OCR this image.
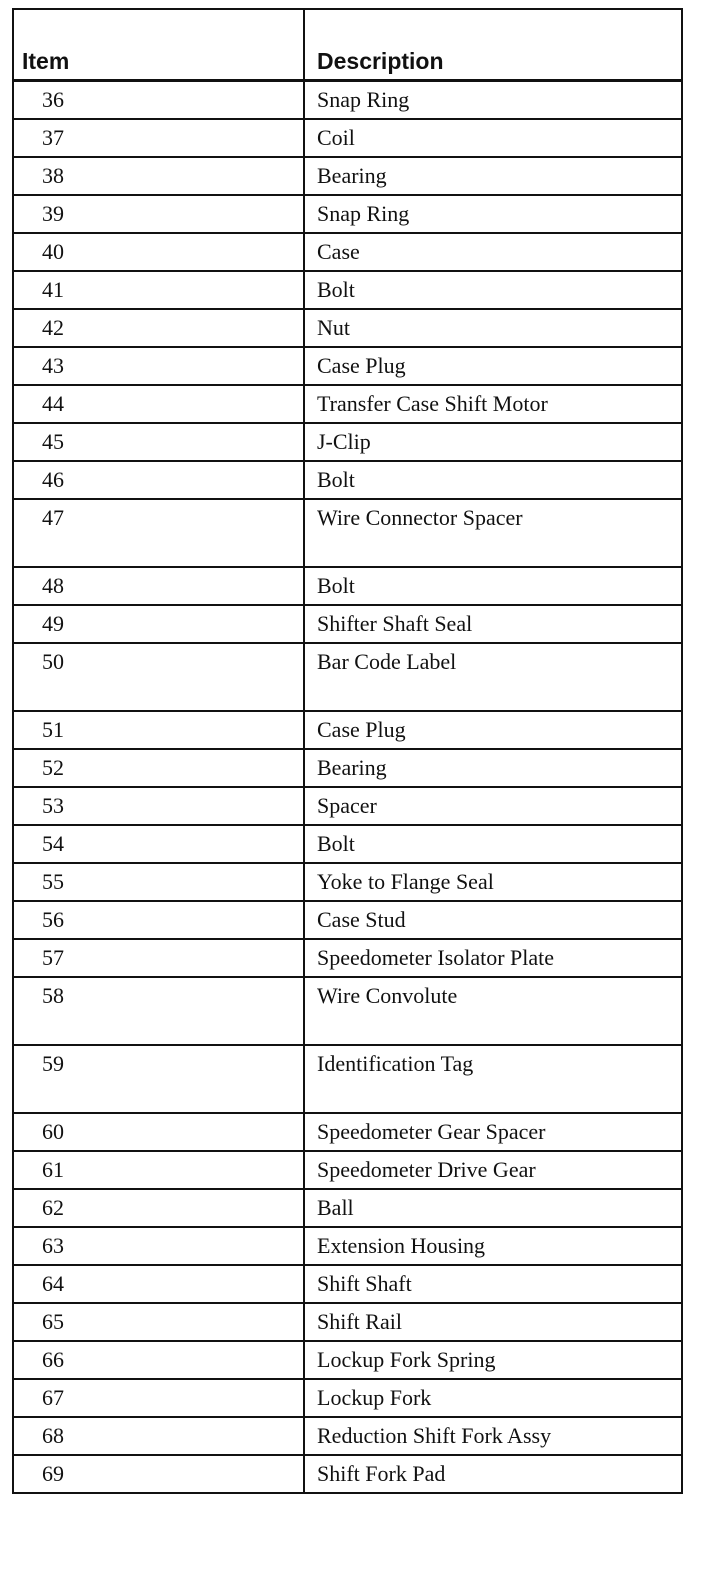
Item	Description
36	Snap Ring
37	Coil
38	Bearing
39	Snap Ring
40	Case
41	Bolt
42	Nut
43	Case Plug
44	Transfer Case Shift Motor
45	J-Clip
46	Bolt
47	Wire Connector Spacer
48	Bolt
49	Shifter Shaft Seal
50	Bar Code Label
51	Case Plug
52	Bearing
53	Spacer
54	Bolt
55	Yoke to Flange Seal
56	Case Stud
57	Speedometer Isolator Plate
58	Wire Convolute
59	Identification Tag
60	Speedometer Gear Spacer
61	Speedometer Drive Gear
62	Ball
63	Extension Housing
64	Shift Shaft
65	Shift Rail
66	Lockup Fork Spring
67	Lockup Fork
68	Reduction Shift Fork Assy
69	Shift Fork Pad
